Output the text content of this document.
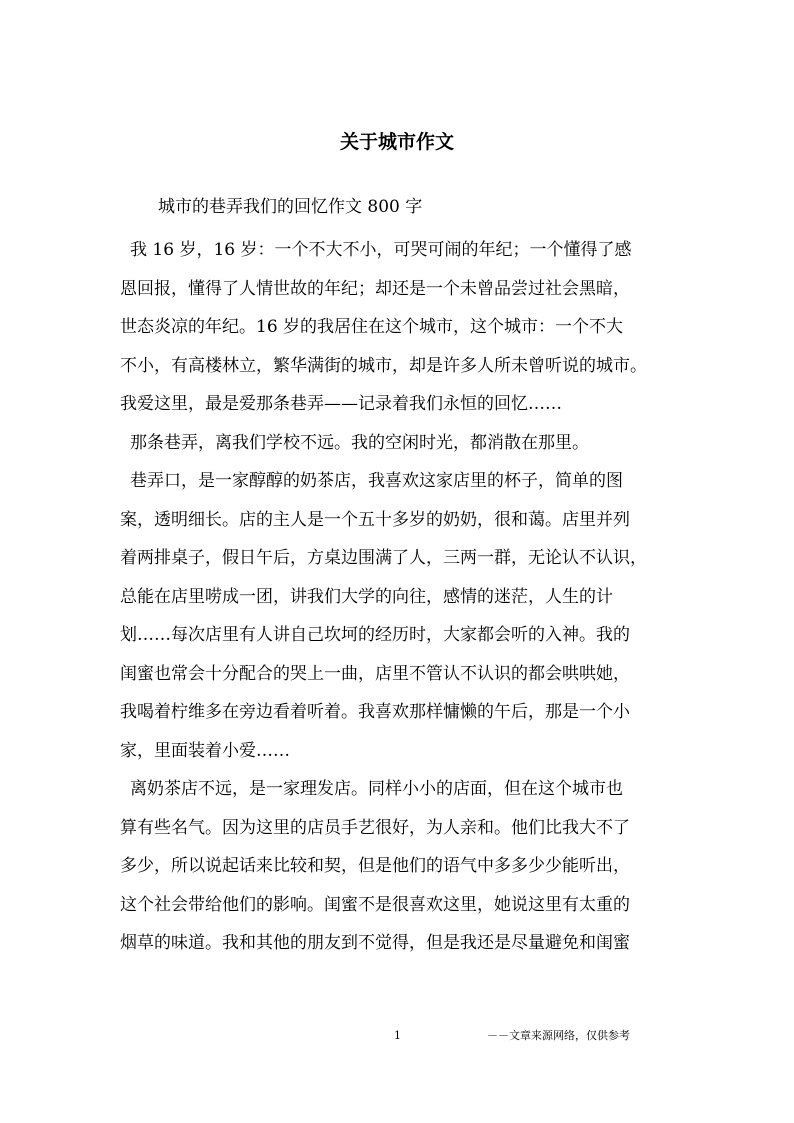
关于城市作文
城市的巷弄我们的回忆作文 800 字
我 16 岁，16 岁：一个不大不小，可哭可闹的年纪；一个懂得了感
恩回报，懂得了人情世故的年纪；却还是一个未曾品尝过社会黑暗，
世态炎凉的年纪。16 岁的我居住在这个城市，这个城市：一个不大
不小，有高楼林立，繁华满街的城市，却是许多人所未曾听说的城市。
我爱这里，最是爱那条巷弄——记录着我们永恒的回忆……
那条巷弄，离我们学校不远。我的空闲时光，都消散在那里。
巷弄口，是一家醇醇的奶茶店，我喜欢这家店里的杯子，简单的图
案，透明细长。店的主人是一个五十多岁的奶奶，很和蔼。店里并列
着两排桌子，假日午后，方桌边围满了人，三两一群，无论认不认识，
总能在店里唠成一团，讲我们大学的向往，感情的迷茫，人生的计
划……每次店里有人讲自己坎坷的经历时，大家都会听的入神。我的
闺蜜也常会十分配合的哭上一曲，店里不管认不认识的都会哄哄她，
我喝着柠维多在旁边看着听着。我喜欢那样慵懒的午后，那是一个小
家，里面装着小爱……
离奶茶店不远，是一家理发店。同样小小的店面，但在这个城市也
算有些名气。因为这里的店员手艺很好，为人亲和。他们比我大不了
多少，所以说起话来比较和契，但是他们的语气中多多少少能听出，
这个社会带给他们的影响。闺蜜不是很喜欢这里，她说这里有太重的
烟草的味道。我和其他的朋友到不觉得，但是我还是尽量避免和闺蜜
1	－－文章来源网络，仅供参考
